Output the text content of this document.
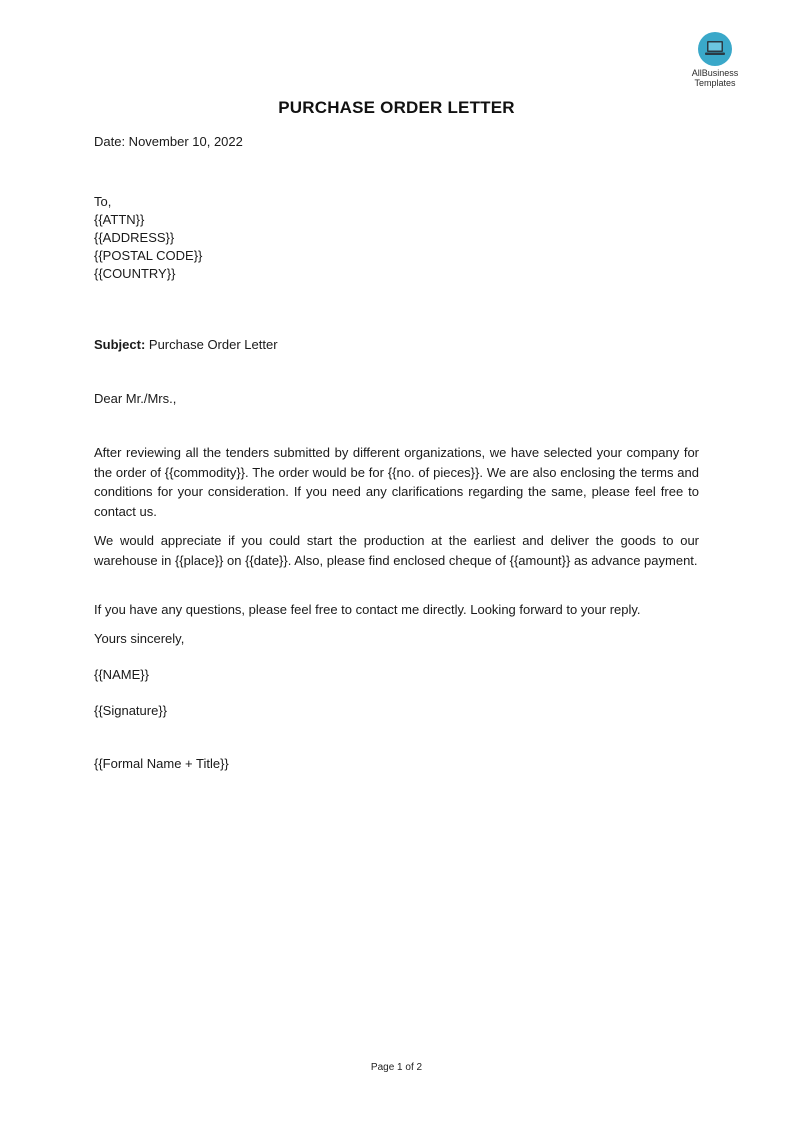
AllBusiness
Templates
PURCHASE ORDER LETTER
Date: November 10, 2022
To,
{{ATTN}}
{{ADDRESS}}
{{POSTAL CODE}}
{{COUNTRY}}
Subject: Purchase Order Letter
Dear Mr./Mrs.,
After reviewing all the tenders submitted by different organizations, we have selected your company for the order of {{commodity}}. The order would be for {{no. of pieces}}. We are also enclosing the terms and conditions for your consideration. If you need any clarifications regarding the same, please feel free to contact us.
We would appreciate if you could start the production at the earliest and deliver the goods to our warehouse in {{place}} on {{date}}. Also, please find enclosed cheque of {{amount}} as advance payment.
If you have any questions, please feel free to contact me directly. Looking forward to your reply.
Yours sincerely,
{{NAME}}
{{Signature}}
{{Formal Name + Title}}
Page 1 of 2
